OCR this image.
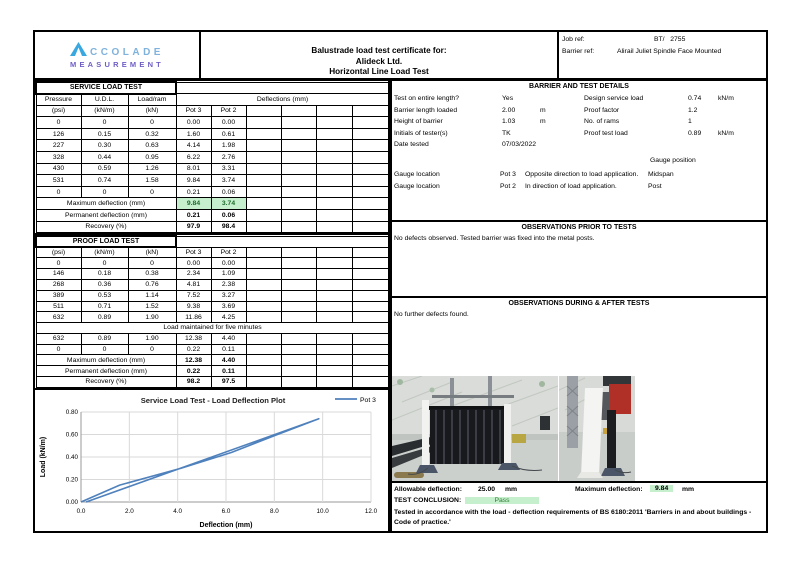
CCOLADE
MEASUREMENT
Balustrade load test certificate for:
Alideck Ltd.
Horizontal Line Load Test
Job ref:	BT/   2755
Barrier ref:	Alirail Juliet Spindle Face Mounted
SERVICE LOAD TEST								
Pressure	U.D.L.	Load/ram	Deflections (mm)					
(psi)	(kN/m)	(kN)	Pot 3	Pot 2				
0	0	0	0.00	0.00				
126	0.15	0.32	1.60	0.61				
227	0.30	0.63	4.14	1.98				
328	0.44	0.95	6.22	2.76				
430	0.59	1.26	8.01	3.31				
531	0.74	1.58	9.84	3.74				
0	0	0	0.21	0.06				
Maximum deflection (mm)			9.84	3.74				
Permanent deflection (mm)			0.21	0.06				
Recovery (%)			97.9	98.4				
PROOF LOAD TEST								
(psi)	(kN/m)	(kN)	Pot 3	Pot 2				
0	0	0	0.00	0.00				
146	0.18	0.38	2.34	1.09				
268	0.36	0.76	4.81	2.38				
389	0.53	1.14	7.52	3.27				
511	0.71	1.52	9.38	3.69				
632	0.89	1.90	11.86	4.25				
Load maintained for five minutes								
632	0.89	1.90	12.38	4.40				
0	0	0	0.22	0.11				
Maximum deflection (mm)			12.38	4.40				
Permanent deflection (mm)			0.22	0.11				
Recovery (%)			98.2	97.5				
0.00
0.20
0.40
0.60
0.80
0.0	2.0	4.0	6.0	8.0	10.0	12.0
Service Load Test - Load Deflection Plot
Deflection (mm)
Load (kN/m)
Pot 3
BARRIER AND TEST DETAILS
Test on entire length?	Yes
Barrier length loaded	2.00	m
Height of barrier	1.03	m
Initials of tester(s)	TK
Date tested	07/03/2022
Design service load	0.74 kN/m
Proof factor	1.2
No. of rams	1
Proof test load	0.89 kN/m
Gauge position
Gauge location	Pot 3 Opposite direction to load application. Midspan
Gauge location	Pot 2 In direction of load application.	Post
OBSERVATIONS PRIOR TO TESTS
No defects observed. Tested barrier was fixed into the metal posts.
OBSERVATIONS DURING & AFTER TESTS
No further defects found.
Allowable deflection: 25.00 mm	Maximum deflection:	9.84	mm
TEST CONCLUSION:	Pass
Tested in accordance with the load - deflection requirements of BS 6180:2011 'Barriers in and about buildings - Code of practice.'
